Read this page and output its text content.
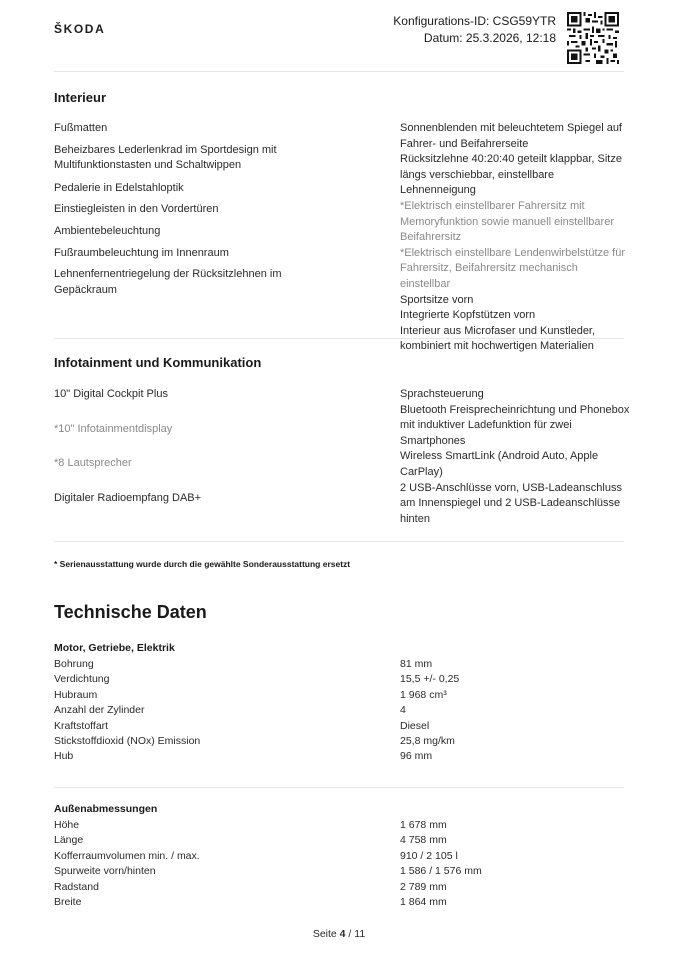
ŠKODA
Konfigurations-ID: CSG59YTR
Datum: 25.3.2026, 12:18
Interieur

Fußmatten

Beheizbares Lederlenkrad im Sportdesign mit Multifunktionstasten und Schaltwippen

Pedalerie in Edelstahloptik

Einstiegleisten in den Vordertüren

Ambientebeleuchtung

Fußraumbeleuchtung im Innenraum

Lehnenfernentriegelung der Rücksitzlehnen im Gepäckraum

Sonnenblenden mit beleuchtetem Spiegel auf Fahrer- und Beifahrerseite

Rücksitzlehne 40:20:40 geteilt klappbar, Sitze längs verschiebbar, einstellbare Lehnenneigung

*Elektrisch einstellbarer Fahrersitz mit Memoryfunktion sowie manuell einstellbarer Beifahrersitz

*Elektrisch einstellbare Lendenwirbelstütze für Fahrersitz, Beifahrersitz mechanisch einstellbar

Sportsitze vorn

Integrierte Kopfstützen vorn

Interieur aus Microfaser und Kunstleder, kombiniert mit hochwertigen Materialien

Infotainment und Kommunikation

10" Digital Cockpit Plus

*10" Infotainmentdisplay

*8 Lautsprecher

Digitaler Radioempfang DAB+

Sprachsteuerung

Bluetooth Freisprecheinrichtung und Phonebox mit induktiver Ladefunktion für zwei Smartphones

Wireless SmartLink (Android Auto, Apple CarPlay)

2 USB-Anschlüsse vorn, USB-Ladeanschluss am Innenspiegel und 2 USB-Ladeanschlüsse hinten

* Serienausstattung wurde durch die gewählte Sonderausstattung ersetzt
Technische Daten
Motor, Getriebe, Elektrik
Bohrung	81 mm
Verdichtung	15,5 +/- 0,25
Hubraum	1 968 cm³
Anzahl der Zylinder	4
Kraftstoffart	Diesel
Stickstoffdioxid (NOx) Emission	25,8 mg/km
Hub	96 mm
Außenabmessungen
Höhe	1 678 mm
Länge	4 758 mm
Kofferraumvolumen min. / max.	910 / 2 105 l
Spurweite vorn/hinten	1 586 / 1 576 mm
Radstand	2 789 mm
Breite	1 864 mm
Seite 4 / 11
